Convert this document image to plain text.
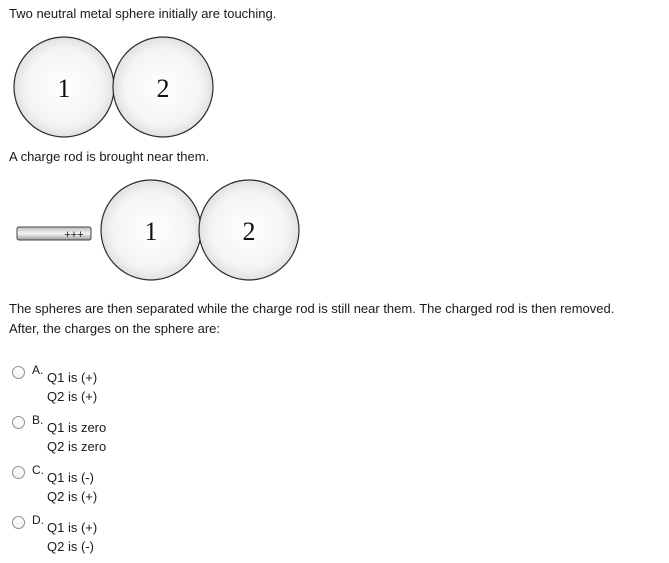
Two neutral metal sphere initially are touching.
1	2
A charge rod is brought near them.
+++ 1	2
The spheres are then separated while the charge rod is still near them. The charged rod is then removed.
After, the charges on the sphere are:
A. Q1 is (+)
Q2 is (+)
B. Q1 is zero
Q2 is zero
C. Q1 is (-)
Q2 is (+)
D. Q1 is (+)
Q2 is (-)
